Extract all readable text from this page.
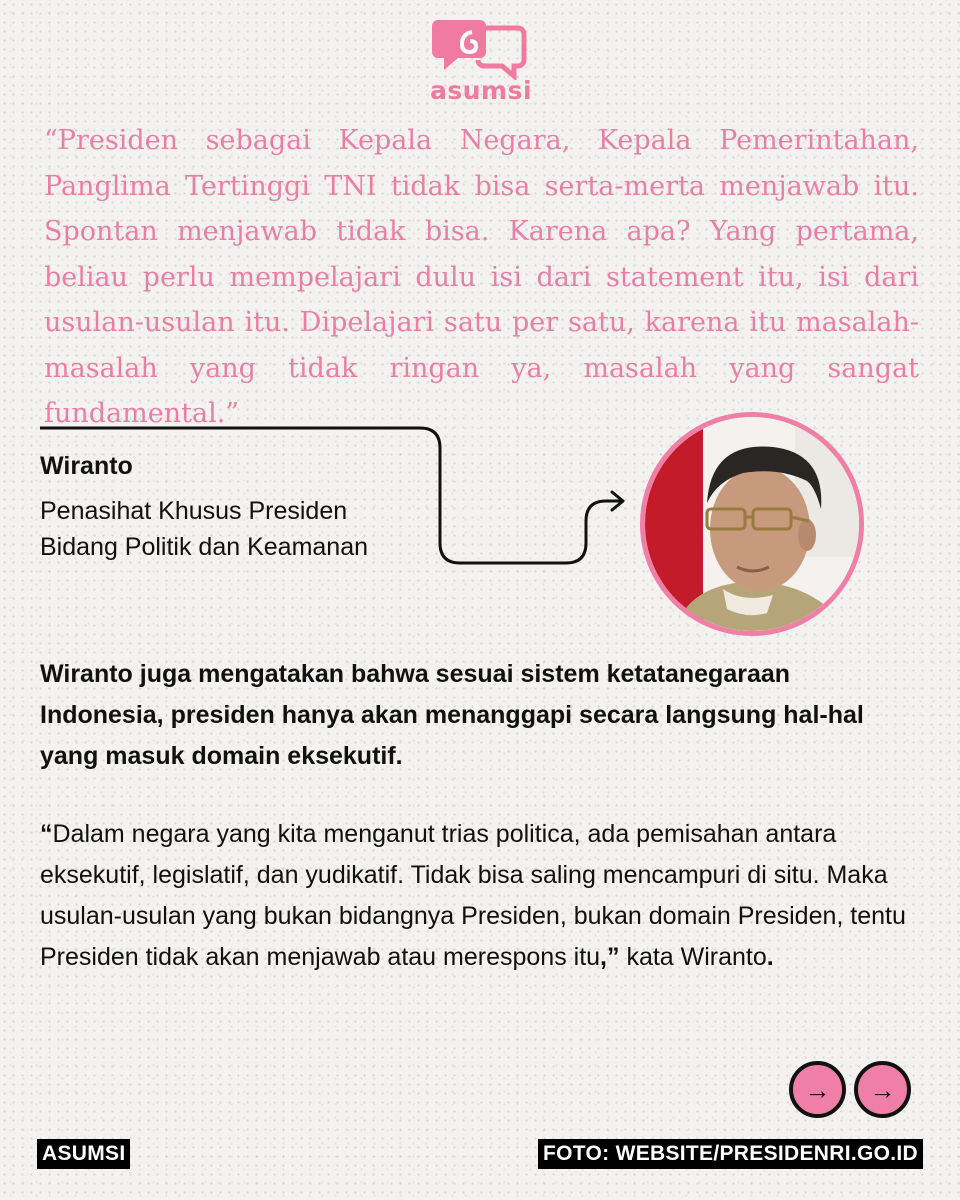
asumsi

“Presiden sebagai Kepala Negara, Kepala Pemerintahan, Panglima Tertinggi TNI tidak bisa serta-merta menjawab itu. Spontan menjawab tidak bisa. Karena apa? Yang pertama, beliau perlu mempelajari dulu isi dari statement itu, isi dari usulan-usulan itu. Dipelajari satu per satu, karena itu masalah-masalah yang tidak ringan ya, masalah yang sangat fundamental.”

Wiranto
Penasihat Khusus Presiden
Bidang Politik dan Keamanan

Wiranto juga mengatakan bahwa sesuai sistem ketatanegaraan Indonesia, presiden hanya akan menanggapi secara langsung hal-hal yang masuk domain eksekutif.

“Dalam negara yang kita menganut trias politica, ada pemisahan antara eksekutif, legislatif, dan yudikatif. Tidak bisa saling mencampuri di situ. Maka usulan-usulan yang bukan bidangnya Presiden, bukan domain Presiden, tentu Presiden tidak akan menjawab atau merespons itu,” kata Wiranto.

→ →
ASUMSI	FOTO: WEBSITE/PRESIDENRI.GO.ID
